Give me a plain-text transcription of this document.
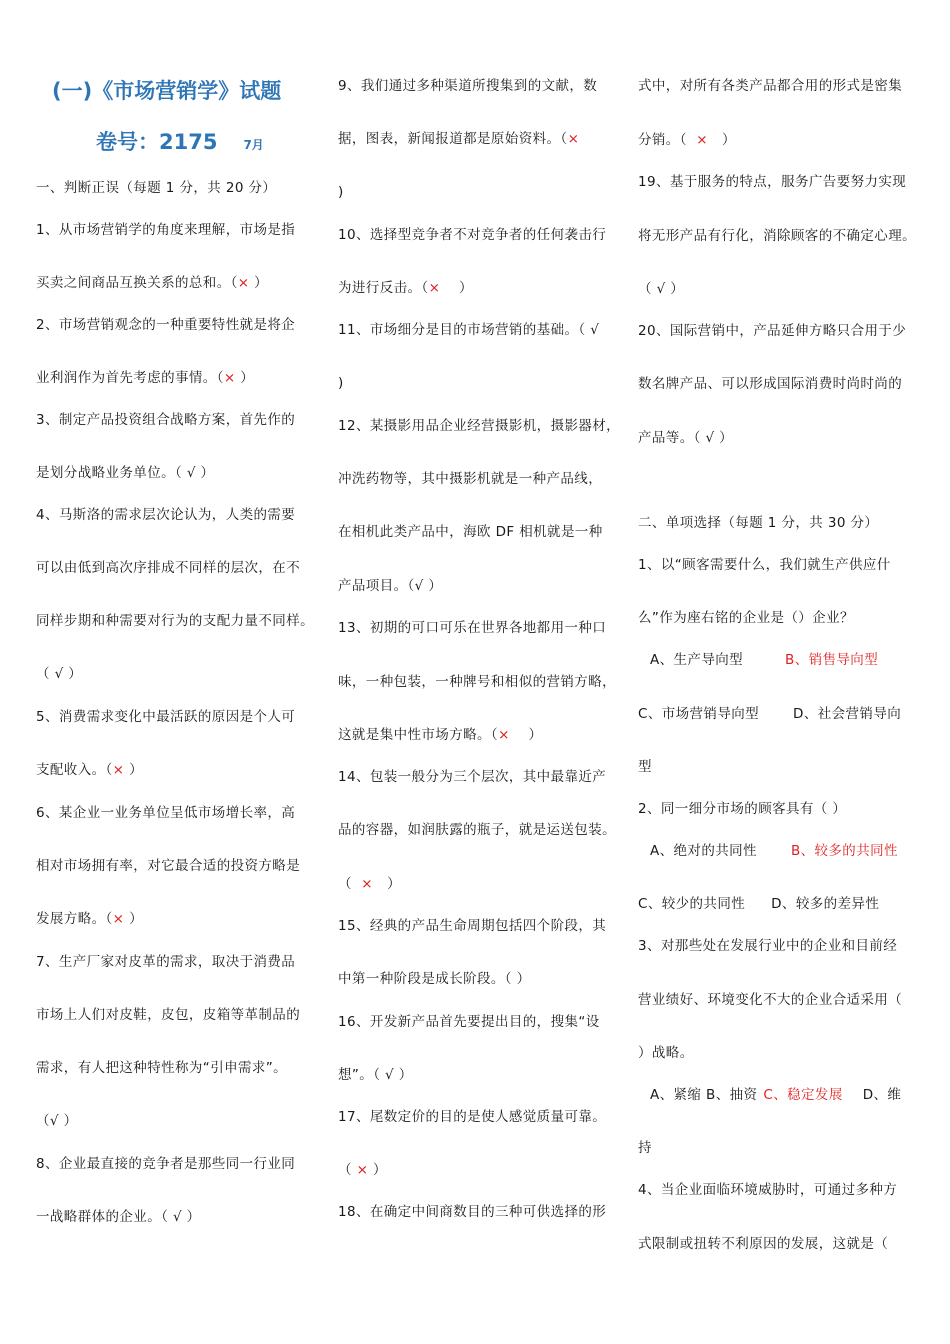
(一)《市场营销学》试题
卷号：2175 7月
一、判断正误（每题 1 分，共 20 分）
1、从市场营销学的角度来理解，市场是指
买卖之间商品互换关系的总和。（× ）
2、市场营销观念的一种重要特性就是将企
业利润作为首先考虑的事情。（× ）
3、制定产品投资组合战略方案，首先作的
是划分战略业务单位。（ √ ）
4、马斯洛的需求层次论认为，人类的需要
可以由低到高次序排成不同样的层次，在不
同样步期和种需要对行为的支配力量不同样。
（ √ ）
5、消费需求变化中最活跃的原因是个人可
支配收入。（× ）
6、某企业一业务单位呈低市场增长率，高
相对市场拥有率，对它最合适的投资方略是
发展方略。（× ）
7、生产厂家对皮革的需求，取决于消费品
市场上人们对皮鞋，皮包，皮箱等革制品的
需求，有人把这种特性称为“引申需求”。
（√ ）
8、企业最直接的竞争者是那些同一行业同
一战略群体的企业。（ √ ）
9、我们通过多种渠道所搜集到的文献，数
据，图表，新闻报道都是原始资料。（×
)
10、选择型竞争者不对竞争者的任何袭击行
为进行反击。（× ）
11、市场细分是目的市场营销的基础。（ √
)
12、某摄影用品企业经营摄影机，摄影器材，
冲洗药物等，其中摄影机就是一种产品线，
在相机此类产品中，海欧 DF 相机就是一种
产品项目。（√ ）
13、初期的可口可乐在世界各地都用一种口
味，一种包装，一种牌号和相似的营销方略，
这就是集中性市场方略。（× ）
14、包装一般分为三个层次，其中最靠近产
品的容器，如润肤露的瓶子，就是运送包装。
（ × ）
15、经典的产品生命周期包括四个阶段，其
中第一种阶段是成长阶段。（ ）
16、开发新产品首先要提出目的，搜集“设
想”。（ √ ）
17、尾数定价的目的是使人感觉质量可靠。
（ × ）
18、在确定中间商数目的三种可供选择的形
式中，对所有各类产品都合用的形式是密集
分销。（ × ）
19、基于服务的特点，服务广告要努力实现
将无形产品有行化，消除顾客的不确定心理。
（ √ ）
20、国际营销中，产品延伸方略只合用于少
数名牌产品、可以形成国际消费时尚时尚的
产品等。（ √ ）
二、单项选择（每题 1 分，共 30 分）
1、以“顾客需要什么，我们就生产供应什
么”作为座右铭的企业是（）企业？
A、生产导向型	B、销售导向型
C、市场营销导向型	D、社会营销导向
型
2、同一细分市场的顾客具有（ ）
A、绝对的共同性	B、较多的共同性
C、较少的共同性 D、较多的差异性
3、对那些处在发展行业中的企业和目前经
营业绩好、环境变化不大的企业合适采用（
）战略。
A、紧缩 B、抽资 C、稳定发展 D、维
持
4、当企业面临环境威胁时，可通过多种方
式限制或扭转不利原因的发展，这就是（
